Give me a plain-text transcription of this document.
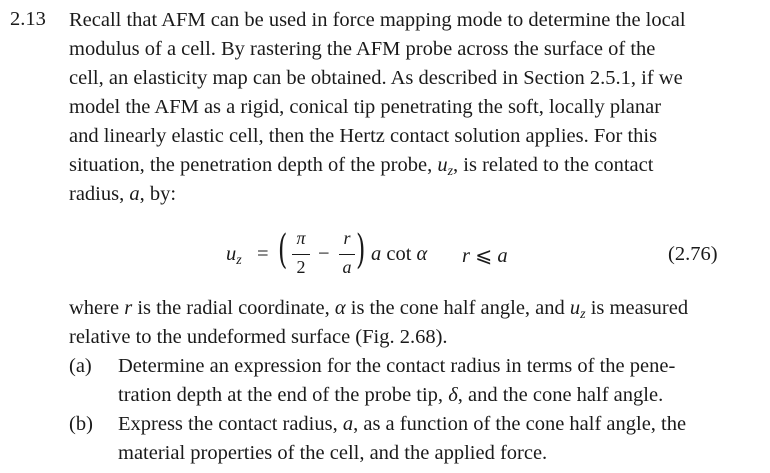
2.13 Recall that AFM can be used in force mapping mode to determine the local
modulus of a cell. By rastering the AFM probe across the surface of the
cell, an elasticity map can be obtained. As described in Section 2.5.1, if we
model the AFM as a rigid, conical tip penetrating the soft, locally planar
and linearly elastic cell, then the Hertz contact solution applies. For this
situation, the penetration depth of the probe, $u_z$, is related to the contact
radius, a, by:
$u_z$ = ( π
2
−
r
a ) a cot α r ⩽ a	(2.76)
where r is the radial coordinate, α is the cone half angle, and $u_z$ is measured
relative to the undeformed surface (Fig. 2.68).
(a) Determine an expression for the contact radius in terms of the pene-
tration depth at the end of the probe tip, δ, and the cone half angle.
(b) Express the contact radius, a, as a function of the cone half angle, the
material properties of the cell, and the applied force.
